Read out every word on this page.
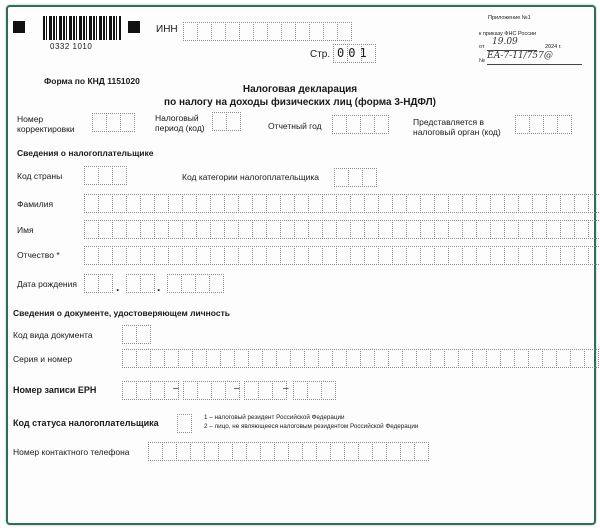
0332 1010
ИНН
Стр. 001
Приложение №1
к приказу ФНС России
от 19.09	2024 г.
№ ЕА-7-11/757@
Форма по КНД 1151020
Налоговая декларация
по налогу на доходы физических лиц (форма 3-НДФЛ)
Номер корректировки
Налоговый период (код)	Отчетный год	Представляется в налоговый орган (код)
Сведения о налогоплательщике
Код страны	Код категории налогоплательщика
Фамилия
Имя
Отчество *
Дата рождения	.	.
Сведения о документе, удостоверяющем личность
Код вида документа
Серия и номер
Номер записи ЕРН	–	–	–
Код статуса налогоплательщика
1 – налоговый резидент Российской Федерации
2 – лицо, не являющееся налоговым резидентом Российской Федерации
Номер контактного телефона
